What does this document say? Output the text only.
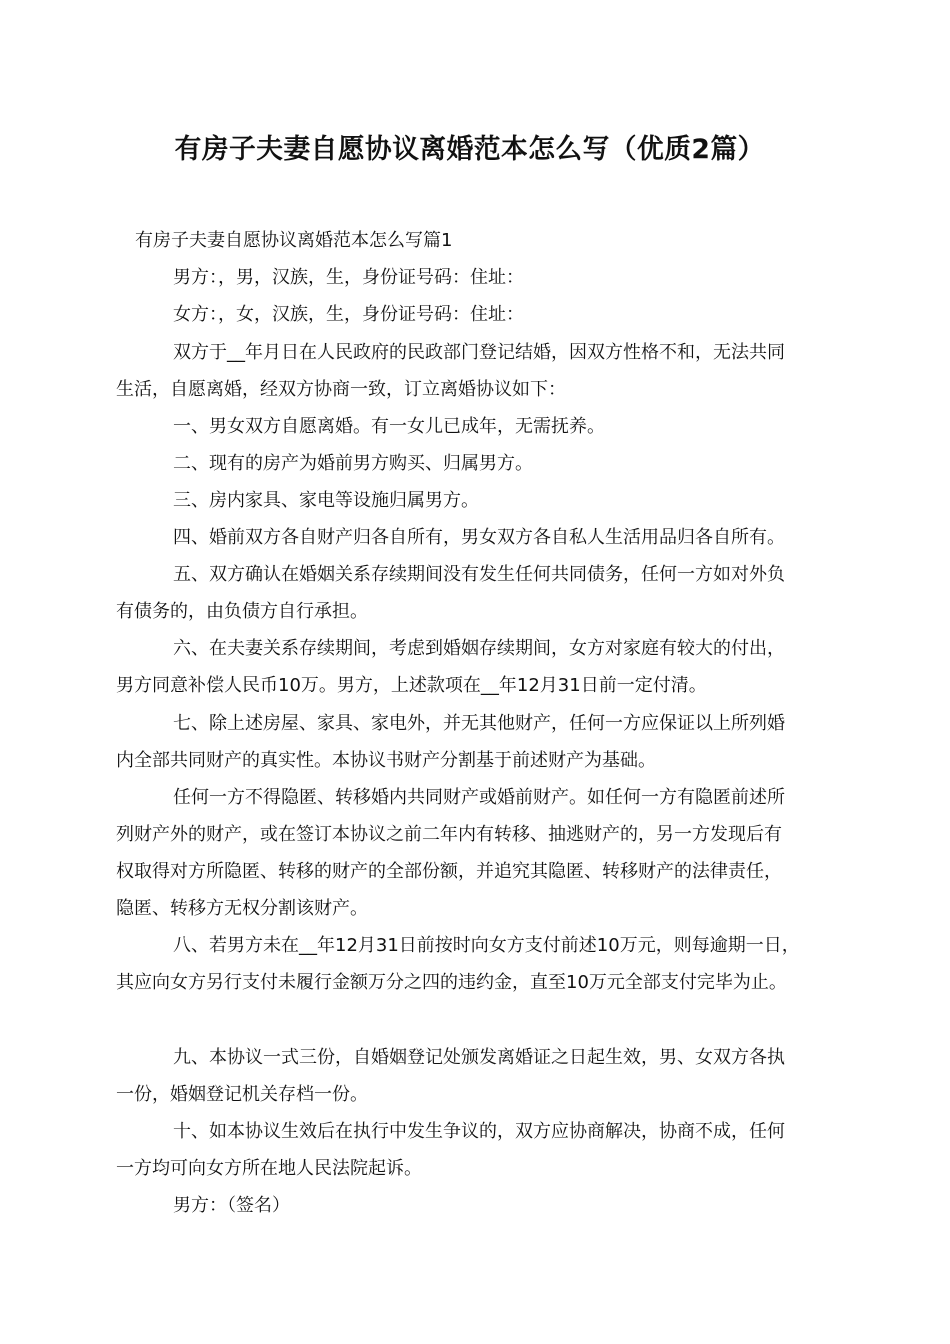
有房子夫妻自愿协议离婚范本怎么写（优质2篇）
有房子夫妻自愿协议离婚范本怎么写篇1
男方：，男，汉族，生，身份证号码：住址：
女方：，女，汉族，生，身份证号码：住址：
双方于__年月日在人民政府的民政部门登记结婚，因双方性格不和，无法共同
生活，自愿离婚，经双方协商一致，订立离婚协议如下：
一、男女双方自愿离婚。有一女儿已成年，无需抚养。
二、现有的房产为婚前男方购买、归属男方。
三、房内家具、家电等设施归属男方。
四、婚前双方各自财产归各自所有，男女双方各自私人生活用品归各自所有。
五、双方确认在婚姻关系存续期间没有发生任何共同债务，任何一方如对外负
有债务的，由负债方自行承担。
六、在夫妻关系存续期间，考虑到婚姻存续期间，女方对家庭有较大的付出，
男方同意补偿人民币10万。男方，上述款项在__年12月31日前一定付清。
七、除上述房屋、家具、家电外，并无其他财产，任何一方应保证以上所列婚
内全部共同财产的真实性。本协议书财产分割基于前述财产为基础。
任何一方不得隐匿、转移婚内共同财产或婚前财产。如任何一方有隐匿前述所
列财产外的财产，或在签订本协议之前二年内有转移、抽逃财产的，另一方发现后有
权取得对方所隐匿、转移的财产的全部份额，并追究其隐匿、转移财产的法律责任，
隐匿、转移方无权分割该财产。
八、若男方未在__年12月31日前按时向女方支付前述10万元，则每逾期一日，
其应向女方另行支付未履行金额万分之四的违约金，直至10万元全部支付完毕为止。
九、本协议一式三份，自婚姻登记处颁发离婚证之日起生效，男、女双方各执
一份，婚姻登记机关存档一份。
十、如本协议生效后在执行中发生争议的，双方应协商解决，协商不成，任何
一方均可向女方所在地人民法院起诉。
男方：（签名）
